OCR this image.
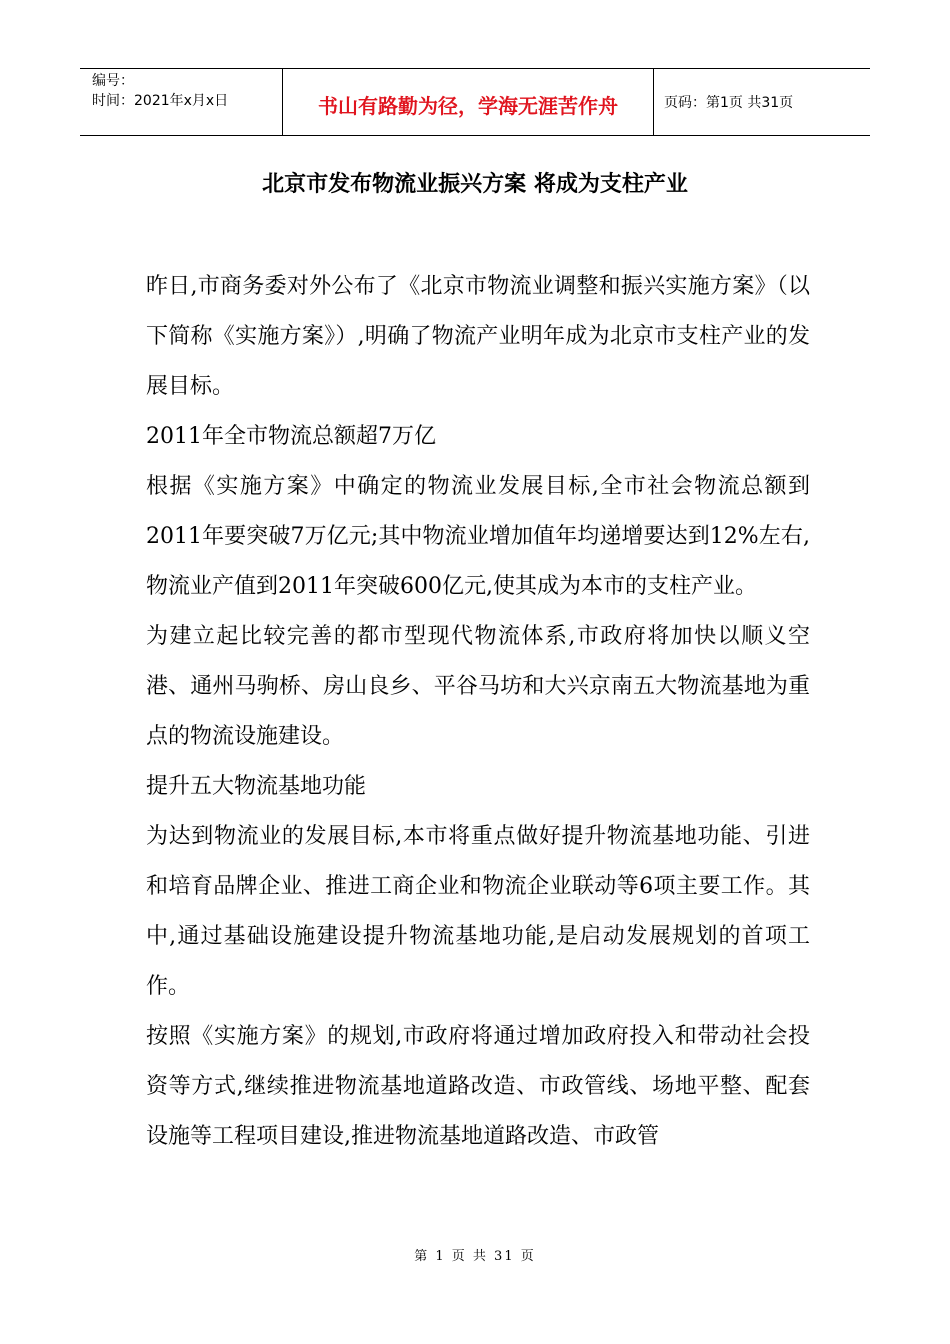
编号：
时间：2021年x月x日	书山有路勤为径，学海无涯苦作舟	页码：第1页 共31页
北京市发布物流业振兴方案 将成为支柱产业

昨日,市商务委对外公布了《北京市物流业调整和振兴实施方案》（以下简称《实施方案》）,明确了物流产业明年成为北京市支柱产业的发展目标。

2011年全市物流总额超7万亿

根据《实施方案》中确定的物流业发展目标,全市社会物流总额到2011年要突破7万亿元;其中物流业增加值年均递增要达到12%左右,物流业产值到2011年突破600亿元,使其成为本市的支柱产业。

为建立起比较完善的都市型现代物流体系,市政府将加快以顺义空港、通州马驹桥、房山良乡、平谷马坊和大兴京南五大物流基地为重点的物流设施建设。

提升五大物流基地功能

为达到物流业的发展目标,本市将重点做好提升物流基地功能、引进和培育品牌企业、推进工商企业和物流企业联动等6项主要工作。其中,通过基础设施建设提升物流基地功能,是启动发展规划的首项工作。

按照《实施方案》的规划,市政府将通过增加政府投入和带动社会投资等方式,继续推进物流基地道路改造、市政管线、场地平整、配套设施等工程项目建设,推进物流基地道路改造、市政管

第 1 页 共 31 页
